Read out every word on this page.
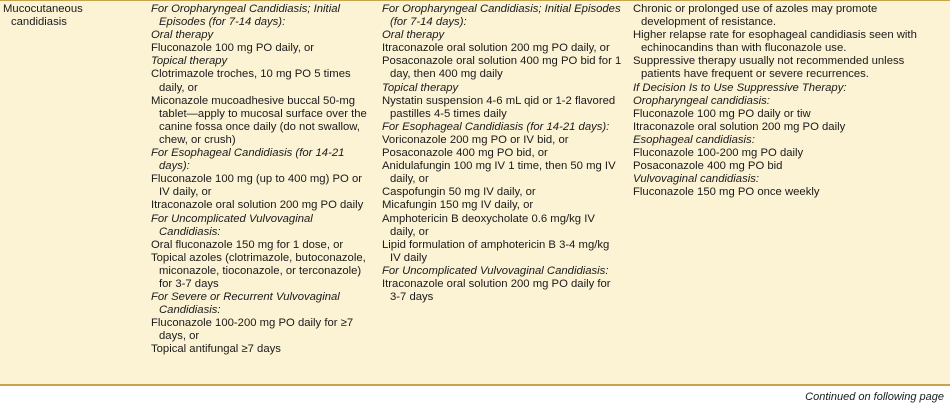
Mucocutaneous candidiasis

For Oropharyngeal Candidiasis; Initial Episodes (for 7-14 days):

Oral therapy

Fluconazole 100 mg PO daily, or

Topical therapy

Clotrimazole troches, 10 mg PO 5 times daily, or

Miconazole mucoadhesive buccal 50-mg tablet—apply to mucosal surface over the canine fossa once daily (do not swallow, chew, or crush)

For Esophageal Candidiasis (for 14-21 days):

Fluconazole 100 mg (up to 400 mg) PO or IV daily, or

Itraconazole oral solution 200 mg PO daily

For Uncomplicated Vulvovaginal Candidiasis:

Oral fluconazole 150 mg for 1 dose, or

Topical azoles (clotrimazole, butoconazole, miconazole, tioconazole, or terconazole) for 3-7 days

For Severe or Recurrent Vulvovaginal Candidiasis:

Fluconazole 100-200 mg PO daily for ≥7 days, or

Topical antifungal ≥7 days

For Oropharyngeal Candidiasis; Initial Episodes (for 7-14 days):

Oral therapy

Itraconazole oral solution 200 mg PO daily, or

Posaconazole oral solution 400 mg PO bid for 1 day, then 400 mg daily

Topical therapy

Nystatin suspension 4-6 mL qid or 1-2 flavored pastilles 4-5 times daily

For Esophageal Candidiasis (for 14-21 days):

Voriconazole 200 mg PO or IV bid, or

Posaconazole 400 mg PO bid, or

Anidulafungin 100 mg IV 1 time, then 50 mg IV daily, or

Caspofungin 50 mg IV daily, or

Micafungin 150 mg IV daily, or

Amphotericin B deoxycholate 0.6 mg/kg IV daily, or

Lipid formulation of amphotericin B 3-4 mg/kg IV daily

For Uncomplicated Vulvovaginal Candidiasis:

Itraconazole oral solution 200 mg PO daily for 3-7 days

Chronic or prolonged use of azoles may promote development of resistance.

Higher relapse rate for esophageal candidiasis seen with echinocandins than with fluconazole use.

Suppressive therapy usually not recommended unless patients have frequent or severe recurrences.

If Decision Is to Use Suppressive Therapy:

Oropharyngeal candidiasis:

Fluconazole 100 mg PO daily or tiw

Itraconazole oral solution 200 mg PO daily

Esophageal candidiasis:

Fluconazole 100-200 mg PO daily

Posaconazole 400 mg PO bid

Vulvovaginal candidiasis:

Fluconazole 150 mg PO once weekly

Continued on following page
